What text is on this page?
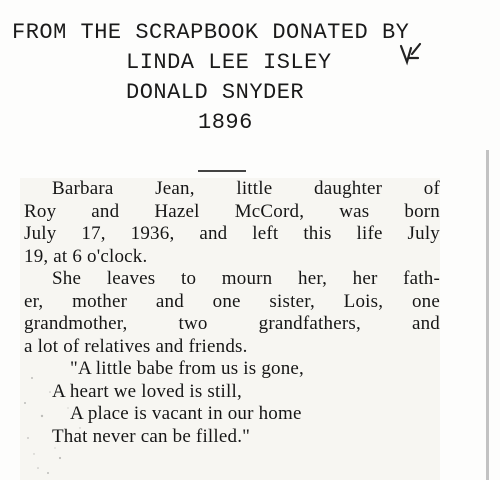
FROM THE SCRAPBOOK DONATED BY
LINDA LEE ISLEY
DONALD SNYDER
1896
Barbara Jean, little daughter of
Roy and Hazel McCord, was born
July 17, 1936, and left this life July
19, at 6 o'clock.
She leaves to mourn her, her fath-
er, mother and one sister, Lois, one
grandmother, two grandfathers, and
a lot of relatives and friends.
"A little babe from us is gone,
A heart we loved is still,
A place is vacant in our home
That never can be filled."
